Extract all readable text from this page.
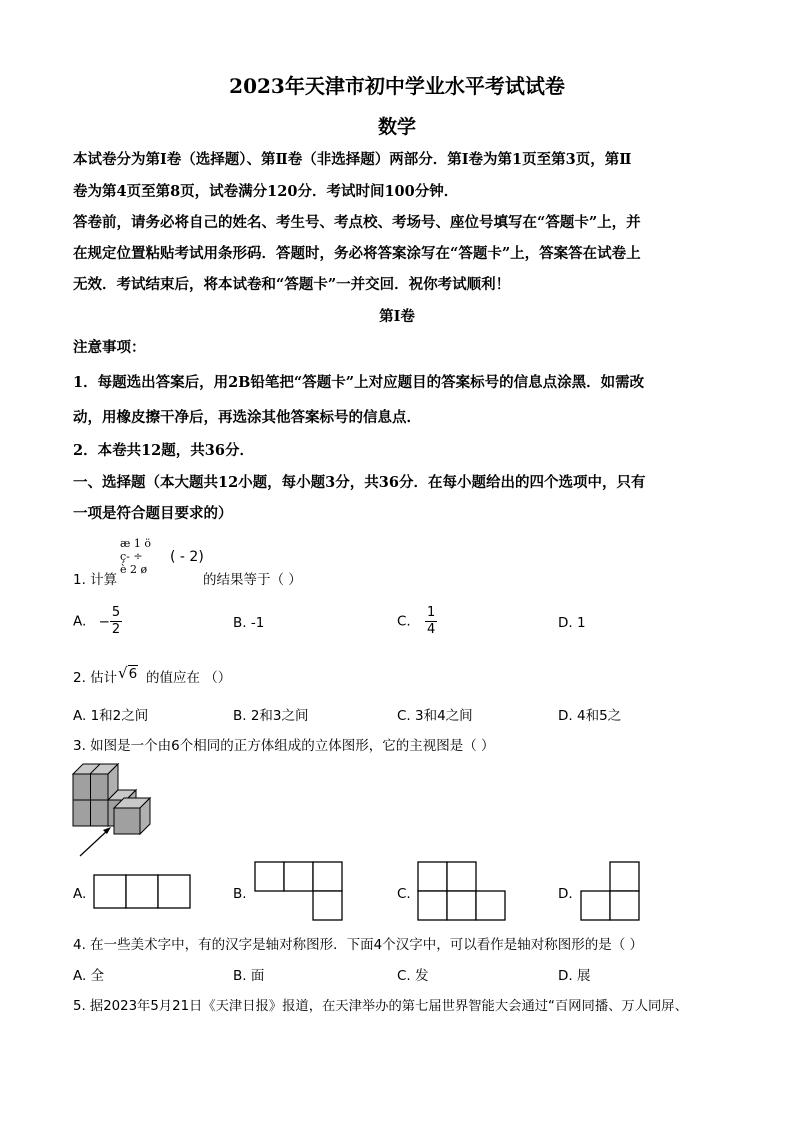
2023年天津市初中学业水平考试试卷
数学
本试卷分为第Ⅰ卷（选择题）、第Ⅱ卷（非选择题）两部分．第Ⅰ卷为第1页至第3页，第Ⅱ
卷为第4页至第8页，试卷满分120分．考试时间100分钟．
答卷前，请务必将自己的姓名、考生号、考点校、考场号、座位号填写在“答题卡”上，并
在规定位置粘贴考试用条形码．答题时，务必将答案涂写在“答题卡”上，答案答在试卷上
无效．考试结束后，将本试卷和“答题卡”一并交回．祝你考试顺利！
第Ⅰ卷
注意事项：
1．每题选出答案后，用2B铅笔把“答题卡”上对应题目的答案标号的信息点涂黑．如需改
动，用橡皮擦干净后，再选涂其他答案标号的信息点．
2．本卷共12题，共36分．
一、选择题（本大题共12小题，每小题3分，共36分．在每小题给出的四个选项中，只有
一项是符合题目要求的）
1. 计算
æ 1 ö
ç- ÷
è 2 ø
( - 2)
的结果等于（ ）
A. − $\frac{5}{2}$	B. -1	C. $\frac{1}{4}$	D. 1
2. 估计 √6 的值应在 （）
A. 1和2之间	B. 2和3之间	C. 3和4之间	D. 4和5之
3. 如图是一个由6个相同的正方体组成的立体图形，它的主视图是（ ）
A.	B.	C.	D.
4. 在一些美术字中，有的汉字是轴对称图形．下面4个汉字中，可以看作是轴对称图形的是（ ）
A. 全	B. 面	C. 发	D. 展
5. 据2023年5月21日《天津日报》报道，在天津举办的第七届世界智能大会通过“百网同播、万人同屏、
